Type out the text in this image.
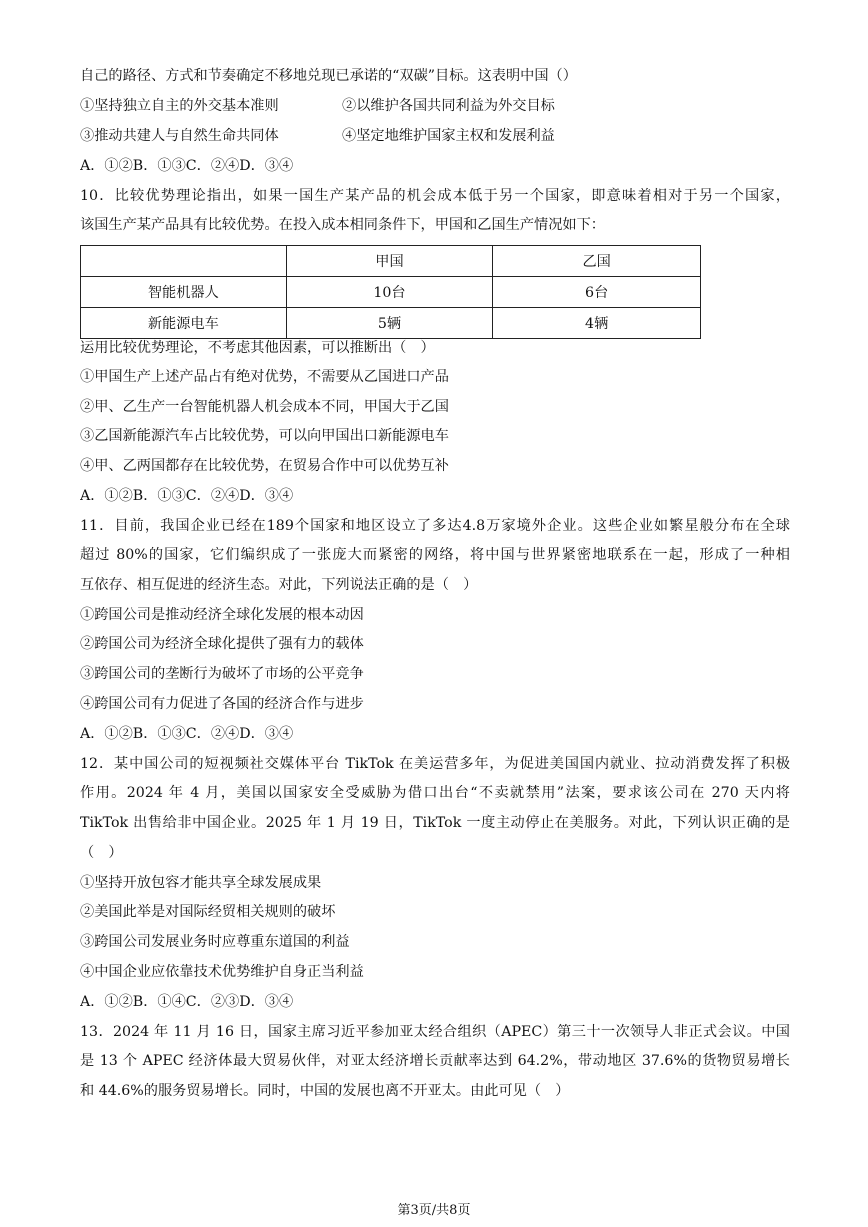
自己的路径、方式和节奏确定不移地兑现已承诺的“双碳”目标。这表明中国（）
①坚持独立自主的外交基本准则	②以维护各国共同利益为外交目标
③推动共建人与自然生命共同体	④坚定地维护国家主权和发展利益
A．①②B．①③C．②④D．③④
10．比较优势理论指出，如果一国生产某产品的机会成本低于另一个国家，即意味着相对于另一个国家，
该国生产某产品具有比较优势。在投入成本相同条件下，甲国和乙国生产情况如下：
	甲国	乙国
智能机器人	10台	6台
新能源电车	5辆	4辆
运用比较优势理论，不考虑其他因素，可以推断出（　）
①甲国生产上述产品占有绝对优势，不需要从乙国进口产品
②甲、乙生产一台智能机器人机会成本不同，甲国大于乙国
③乙国新能源汽车占比较优势，可以向甲国出口新能源电车
④甲、乙两国都存在比较优势，在贸易合作中可以优势互补
A．①②B．①③C．②④D．③④
11．目前，我国企业已经在189个国家和地区设立了多达4.8万家境外企业。这些企业如繁星般分布在全球
超过 80%的国家，它们编织成了一张庞大而紧密的网络，将中国与世界紧密地联系在一起，形成了一种相
互依存、相互促进的经济生态。对此，下列说法正确的是（　）
①跨国公司是推动经济全球化发展的根本动因
②跨国公司为经济全球化提供了强有力的载体
③跨国公司的垄断行为破坏了市场的公平竞争
④跨国公司有力促进了各国的经济合作与进步
A．①②B．①③C．②④D．③④
12．某中国公司的短视频社交媒体平台 TikTok 在美运营多年，为促进美国国内就业、拉动消费发挥了积极
作用。2024 年 4 月，美国以国家安全受威胁为借口出台“不卖就禁用”法案，要求该公司在 270 天内将
TikTok 出售给非中国企业。2025 年 1 月 19 日，TikTok 一度主动停止在美服务。对此，下列认识正确的是
（　）
①坚持开放包容才能共享全球发展成果
②美国此举是对国际经贸相关规则的破坏
③跨国公司发展业务时应尊重东道国的利益
④中国企业应依靠技术优势维护自身正当利益
A．①②B．①④C．②③D．③④
13．2024 年 11 月 16 日，国家主席习近平参加亚太经合组织（APEC）第三十一次领导人非正式会议。中国
是 13 个 APEC 经济体最大贸易伙伴，对亚太经济增长贡献率达到 64.2%，带动地区 37.6%的货物贸易增长
和 44.6%的服务贸易增长。同时，中国的发展也离不开亚太。由此可见（　）
第3页/共8页
